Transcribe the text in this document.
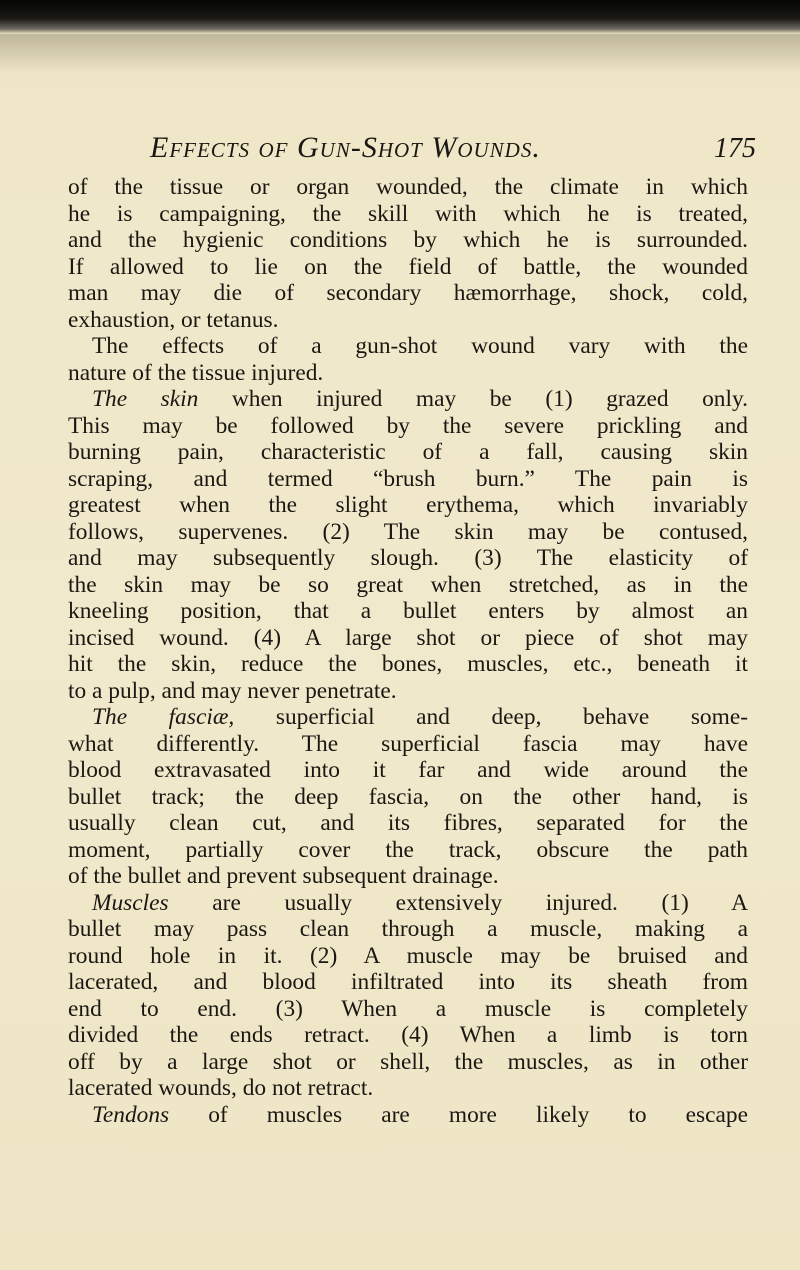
Effects of Gun-Shot Wounds.	175
of the tissue or organ wounded, the climate in which
he is campaigning, the skill with which he is treated,
and the hygienic conditions by which he is surrounded.
If allowed to lie on the field of battle, the wounded
man may die of secondary hæmorrhage, shock, cold,
exhaustion, or tetanus.
The effects of a gun-shot wound vary with the
nature of the tissue injured.
The skin when injured may be (1) grazed only.
This may be followed by the severe prickling and
burning pain, characteristic of a fall, causing skin
scraping, and termed “brush burn.” The pain is
greatest when the slight erythema, which invariably
follows, supervenes. (2) The skin may be contused,
and may subsequently slough. (3) The elasticity of
the skin may be so great when stretched, as in the
kneeling position, that a bullet enters by almost an
incised wound. (4) A large shot or piece of shot may
hit the skin, reduce the bones, muscles, etc., beneath it
to a pulp, and may never penetrate.
The fasciæ, superficial and deep, behave some-
what differently. The superficial fascia may have
blood extravasated into it far and wide around the
bullet track; the deep fascia, on the other hand, is
usually clean cut, and its fibres, separated for the
moment, partially cover the track, obscure the path
of the bullet and prevent subsequent drainage.
Muscles are usually extensively injured. (1) A
bullet may pass clean through a muscle, making a
round hole in it. (2) A muscle may be bruised and
lacerated, and blood infiltrated into its sheath from
end to end. (3) When a muscle is completely
divided the ends retract. (4) When a limb is torn
off by a large shot or shell, the muscles, as in other
lacerated wounds, do not retract.
Tendons of muscles are more likely to escape
